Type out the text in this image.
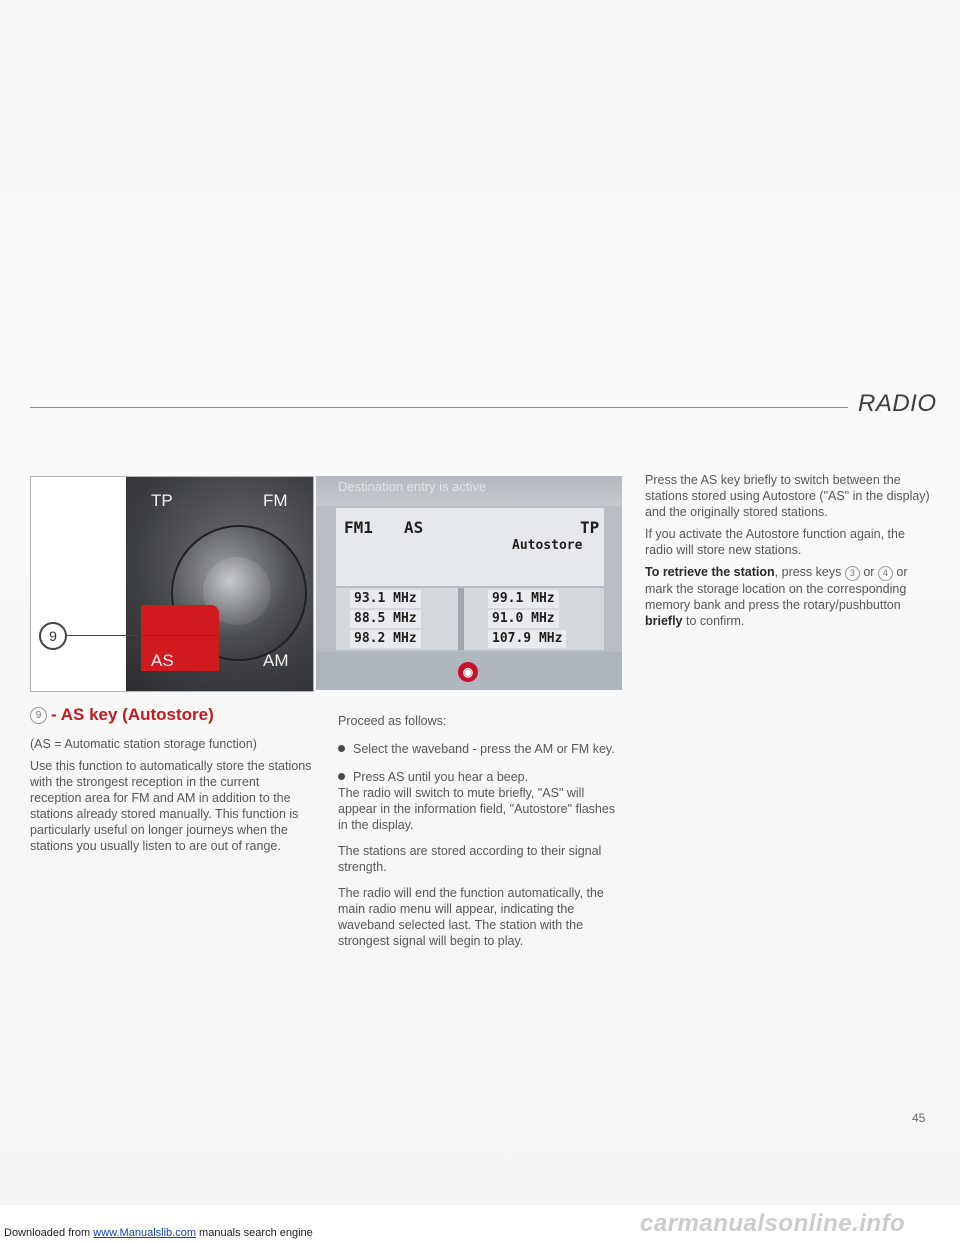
RADIO
TP	FM
AS	AM
9
Destination entry is active
FM1 AS	TP
Autostore
93.1 MHz
88.5 MHz
98.2 MHz
99.1 MHz
91.0 MHz
107.9 MHz
◉
9 - AS key (Autostore)

(AS = Automatic station storage function)

Use this function to automatically store the stations with the strongest reception in the current reception area for FM and AM in addition to the stations already stored manually. This function is particularly useful on longer journeys when the stations you usually listen to are out of range.

Proceed as follows:

Select the waveband - press the AM or FM key.

Press AS until you hear a beep.

The radio will switch to mute briefly, "AS" will appear in the information field, "Autostore" flashes in the display.

The stations are stored according to their signal strength.

The radio will end the function automatically, the main radio menu will appear, indicating the waveband selected last. The station with the strongest signal will begin to play.

Press the AS key briefly to switch between the stations stored using Autostore ("AS" in the display) and the originally stored stations.

If you activate the Autostore function again, the radio will store new stations.

To retrieve the station, press keys 3 or 4 or mark the storage location on the corresponding memory bank and press the rotary/pushbutton briefly to confirm.

45
Downloaded from www.Manualslib.com manuals search engine	carmanualsonline.info
